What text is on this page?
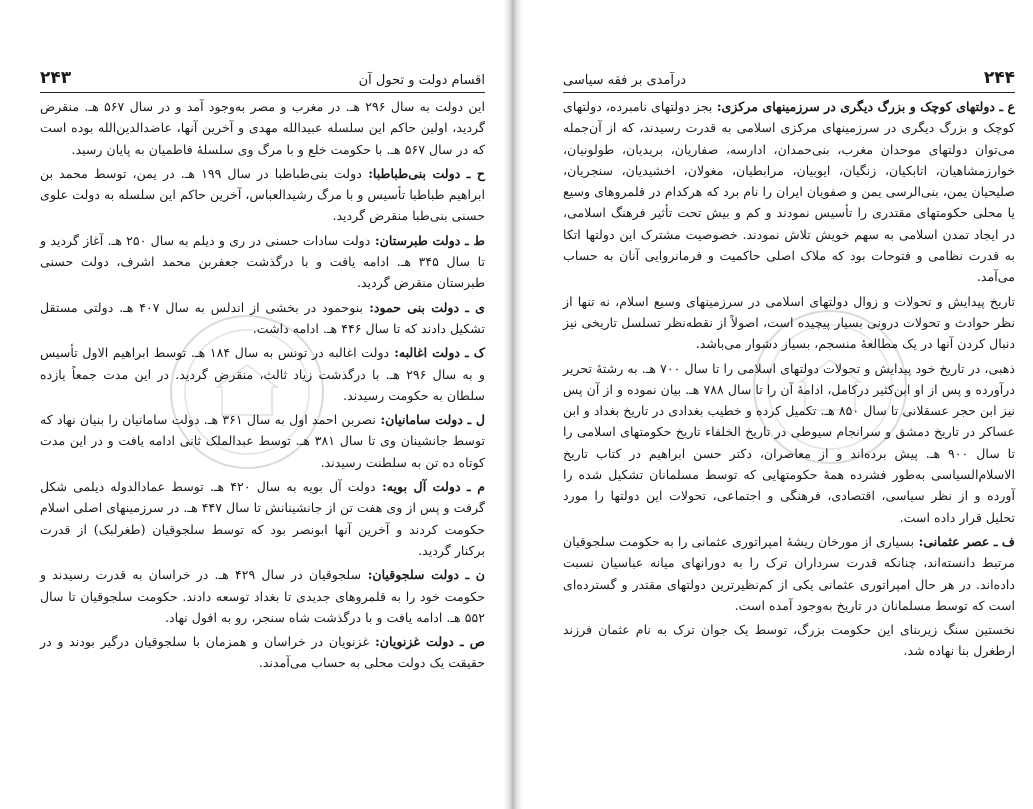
اقسام دولت و تحول آن
۲۴۳

این دولت به سال ۲۹۶ هـ. در مغرب و مصر به‌وجود آمد و در سال ۵۶۷ هـ. منقرض گردید، اولین حاکم این سلسله عبیدالله مهدی و آخرین آنها، عاضدالدین‌الله بوده است که در سال ۵۶۷ هـ. با حکومت خلع و با مرگ وی سلسلهٔ فاطمیان به پایان رسید.

ح ـ دولت بنی‌طباطبا:دولت بنی‌طباطبا در سال ۱۹۹ هـ. در یمن، توسط محمد بن ابراهیم طباطبا تأسیس و با مرگ رشیدالعباس، آخرین حاکم این سلسله به دولت علوی حسنی بنی‌طبا منقرض گردید.

ط ـ دولت طبرستان:دولت سادات حسنی در ری و دیلم به سال ۲۵۰ هـ. آغاز گردید و تا سال ۳۴۵ هـ. ادامه یافت و با درگذشت جعفربن محمد اشرف، دولت حسنی طبرستان منقرض گردید.

ی ـ دولت بنی حمود:بنوحمود در بخشی از اندلس به سال ۴۰۷ هـ. دولتی مستقل تشکیل دادند که تا سال ۴۴۶ هـ. ادامه داشت.

ک ـ دولت اغالبه:دولت اغالبه در تونس به سال ۱۸۴ هـ. توسط ابراهیم الاول تأسیس و به سال ۲۹۶ هـ. با درگذشت زیاد ثالث، منقرض گردید. در این مدت جمعاً یازده سلطان به حکومت رسیدند.

ل ـ دولت سامانیان:نصربن احمد اول به سال ۳۶۱ هـ. دولت سامانیان را بنیان نهاد که توسط جانشینان وی تا سال ۳۸۱ هـ. توسط عبدالملک ثانی ادامه یافت و در این مدت کوتاه ده تن به سلطنت رسیدند.

م ـ دولت آل بویه:دولت آل بویه به سال ۴۲۰ هـ. توسط عمادالدوله دیلمی شکل گرفت و پس از وی هفت تن از جانشینانش تا سال ۴۴۷ هـ. در سرزمینهای اصلی اسلام حکومت کردند و آخرین آنها ابونصر بود که توسط سلجوقیان (طغرلبک) از قدرت برکنار گردید.

ن ـ دولت سلجوقیان:سلجوقیان در سال ۴۲۹ هـ. در خراسان به قدرت رسیدند و حکومت خود را به قلمروهای جدیدی تا بغداد توسعه دادند. حکومت سلجوقیان تا سال ۵۵۲ هـ. ادامه یافت و با درگذشت شاه سنجر، رو به افول نهاد.

ص ـ دولت غزنویان:غزنویان در خراسان و همزمان با سلجوقیان درگیر بودند و در حقیقت یک دولت محلی به حساب می‌آمدند.

۲۴۴
درآمدی بر فقه سیاسی

ع ـ دولتهای کوچک و بزرگ دیگری در سرزمینهای مرکزی:بجز دولتهای نامبرده، دولتهای کوچک و بزرگ دیگری در سرزمینهای مرکزی اسلامی به قدرت رسیدند، که از آن‌جمله می‌توان دولتهای موحدان مغرب، بنی‌حمدان، ادارسه، صفاریان، بریدیان، طولونیان، خوارزمشاهیان، اتابکیان، زنگیان، ایوبیان، مرابطیان، مغولان، اخشیدیان، سنجریان، صلیحیان یمن، بنی‌الرسی یمن و صفویان ایران را نام برد که هرکدام در قلمروهای وسیع یا محلی حکومتهای مقتدری را تأسیس نمودند و کم و بیش تحت تأثیر فرهنگ اسلامی، در ایجاد تمدن اسلامی به سهم خویش تلاش نمودند. خصوصیت مشترک این دولتها اتکا به قدرت نظامی و فتوحات بود که ملاک اصلی حاکمیت و فرمانروایی آنان به حساب می‌آمد.

تاریخ پیدایش و تحولات و زوال دولتهای اسلامی در سرزمینهای وسیع اسلام، نه تنها از نظر حوادث و تحولات درونی بسیار پیچیده است، اصولاً از نقطه‌نظر تسلسل تاریخی نیز دنبال کردن آنها در یک مطالعهٔ منسجم، بسیار دشوار می‌باشد.

ذهبی، در تاریخ خود پیدایش و تحولات دولتهای اسلامی را تا سال ۷۰۰ هـ. به رشتهٔ تحریر درآورده و پس از او ابن‌کثیر درکامل، ادامهٔ آن را تا سال ۷۸۸ هـ. بیان نموده و از آن پس نیز ابن حجر عسقلانی تا سال ۸۵۰ هـ. تکمیل کرده و خطیب بغدادی در تاریخ بغداد و ابن عساکر در تاریخ دمشق و سرانجام سیوطی در تاریخ الخلفاء تاریخ حکومتهای اسلامی را تا سال ۹۰۰ هـ. پیش برده‌اند و از معاصران، دکتر حسن ابراهیم در کتاب تاریخ الاسلام‌السیاسی به‌طور فشرده همهٔ حکومتهایی که توسط مسلمانان تشکیل شده را آورده و از نظر سیاسی، اقتصادی، فرهنگی و اجتماعی، تحولات این دولتها را مورد تحلیل قرار داده است.

ف ـ عصر عثمانی:بسیاری از مورخان ریشهٔ امپراتوری عثمانی را به حکومت سلجوقیان مرتبط دانسته‌اند، چنانکه قدرت سرداران ترک را به دورانهای میانه عباسیان نسبت داده‌اند. در هر حال امپراتوری عثمانی یکی از کم‌نظیرترین دولتهای مقتدر و گسترده‌ای است که توسط مسلمانان در تاریخ به‌وجود آمده است.

نخستین سنگ زیربنای این حکومت بزرگ، توسط یک جوان ترک به نام عثمان فرزند ارطغرل بنا نهاده شد.
